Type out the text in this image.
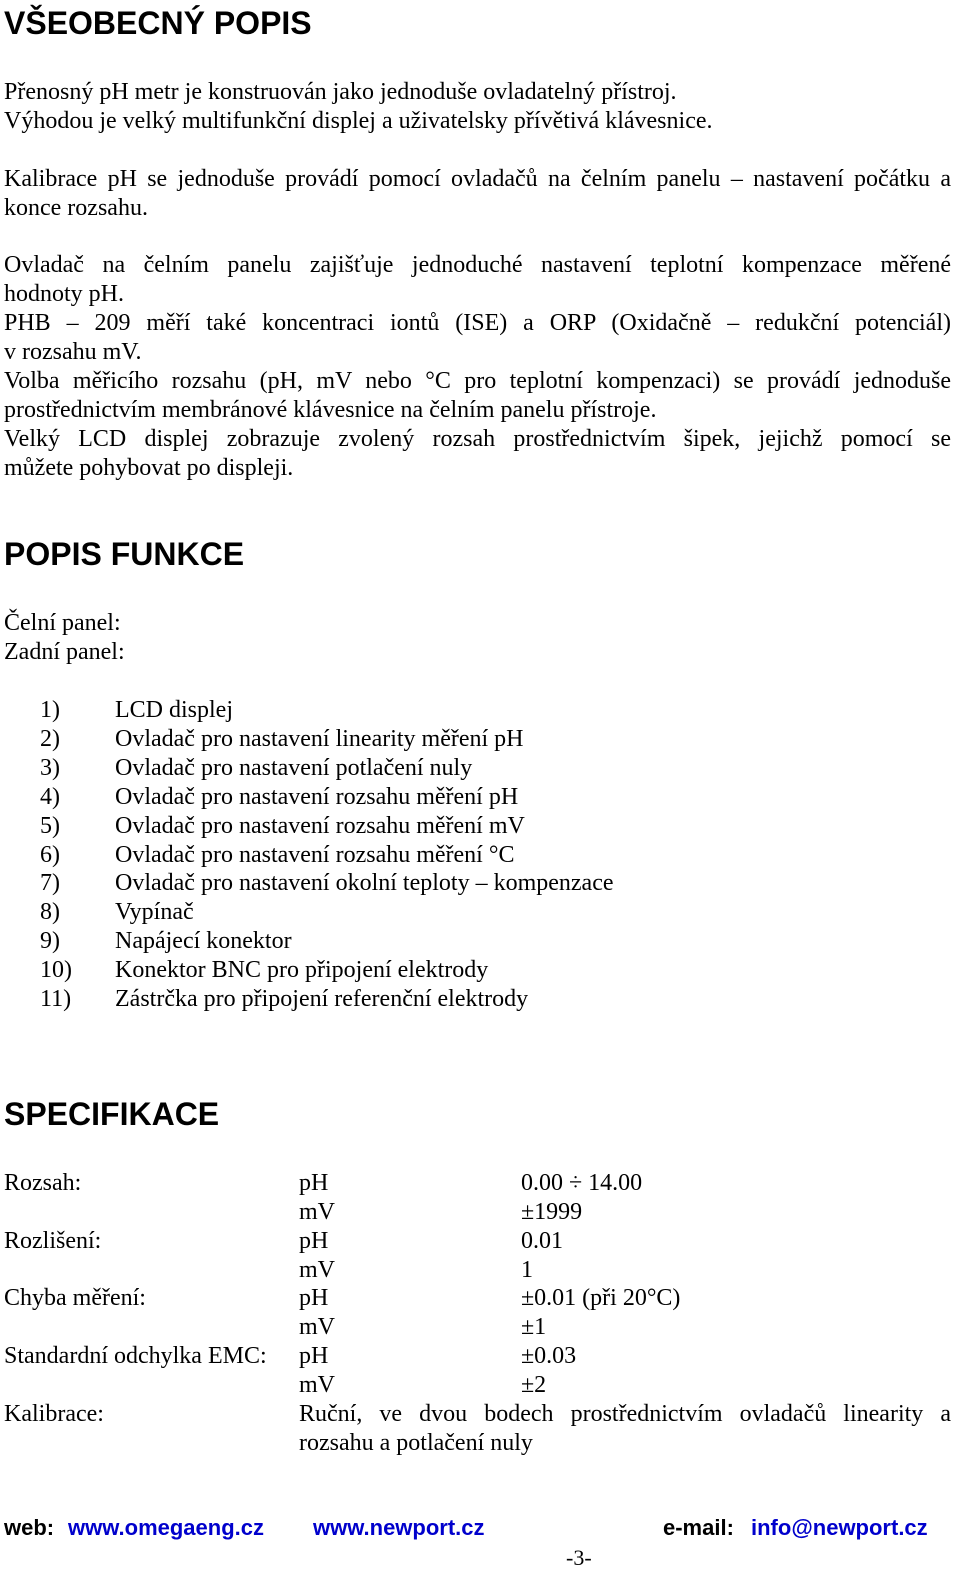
VŠEOBECNÝ POPIS
Přenosný pH metr je konstruován jako jednoduše ovladatelný přístroj.
Výhodou je velký multifunkční displej a uživatelsky přívětivá klávesnice.
Kalibrace pH se jednoduše provádí pomocí ovladačů na čelním panelu – nastavení počátku a
konce rozsahu.
Ovladač na čelním panelu zajišťuje jednoduché nastavení teplotní kompenzace měřené
hodnoty pH.
PHB – 209 měří také koncentraci iontů (ISE) a ORP (Oxidačně – redukční potenciál)
v rozsahu mV.
Volba měřicího rozsahu (pH, mV nebo °C pro teplotní kompenzaci) se provádí jednoduše
prostřednictvím membránové klávesnice na čelním panelu přístroje.
Velký LCD displej zobrazuje zvolený rozsah prostřednictvím šipek, jejichž pomocí se
můžete pohybovat po displeji.
POPIS FUNKCE
Čelní panel:
Zadní panel:
1) LCD displej
2) Ovladač pro nastavení linearity měření pH
3) Ovladač pro nastavení potlačení nuly
4) Ovladač pro nastavení rozsahu měření pH
5) Ovladač pro nastavení rozsahu měření mV
6) Ovladač pro nastavení rozsahu měření °C
7) Ovladač pro nastavení okolní teploty – kompenzace
8) Vypínač
9) Napájecí konektor
10) Konektor BNC pro připojení elektrody
11) Zástrčka pro připojení referenční elektrody
SPECIFIKACE
Rozsah:	pH	0.00 ÷ 14.00
mV	±1999
Rozlišení:	pH	0.01
mV	1
Chyba měření:	pH	±0.01 (při 20°C)
mV	±1
Standardní odchylka EMC: pH	±0.03
mV	±2
Kalibrace:	Ruční, ve dvou bodech prostřednictvím ovladačů linearity a
rozsahu a potlačení nuly
web: www.omegaeng.cz www.newport.cz	e-mail: info@newport.cz
-3-
